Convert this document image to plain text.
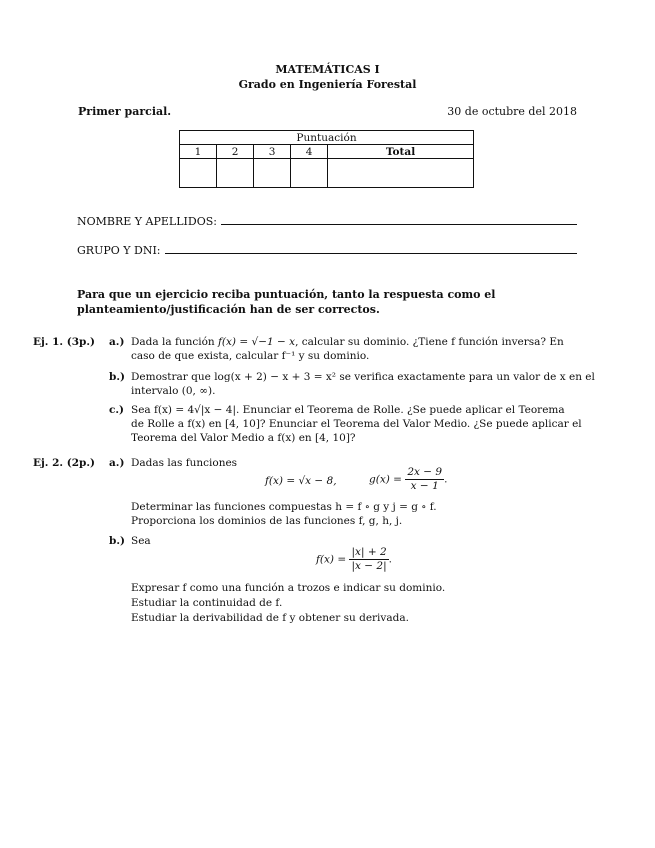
MATEMÁTICAS I
Grado en Ingeniería Forestal
Primer parcial.	30 de octubre del 2018
Puntuación				
1	2	3	4	Total

NOMBRE Y APELLIDOS:
GRUPO Y DNI:
Para que un ejercicio reciba puntuación, tanto la respuesta como el planteamiento/justificación han de ser correctos.
Ej. 1. (3p.) a.) Dada la función f(x) = √−1 − x, calcular su dominio. ¿Tiene f función inversa? En
caso de que exista, calcular f⁻¹ y su dominio.
b.) Demostrar que log(x + 2) − x + 3 = x² se verifica exactamente para un valor de x en el
intervalo (0, ∞).
c.) Sea f(x) = 4√|x − 4|. Enunciar el Teorema de Rolle. ¿Se puede aplicar el Teorema
de Rolle a f(x) en [4, 10]? Enunciar el Teorema del Valor Medio. ¿Se puede aplicar el
Teorema del Valor Medio a f(x) en [4, 10]?
Ej. 2. (2p.) a.) Dadas las funciones
f(x) = √x − 8,	$g(x) = \frac{2x - 9}{x - 1}$ .
Determinar las funciones compuestas h = f ∘ g y j = g ∘ f.
Proporciona los dominios de las funciones f, g, h, j.
b.) Sea
$f(x) = \frac{|x| + 2}{|x - 2|}$ .
Expresar f como una función a trozos e indicar su dominio.
Estudiar la continuidad de f.
Estudiar la derivabilidad de f y obtener su derivada.
